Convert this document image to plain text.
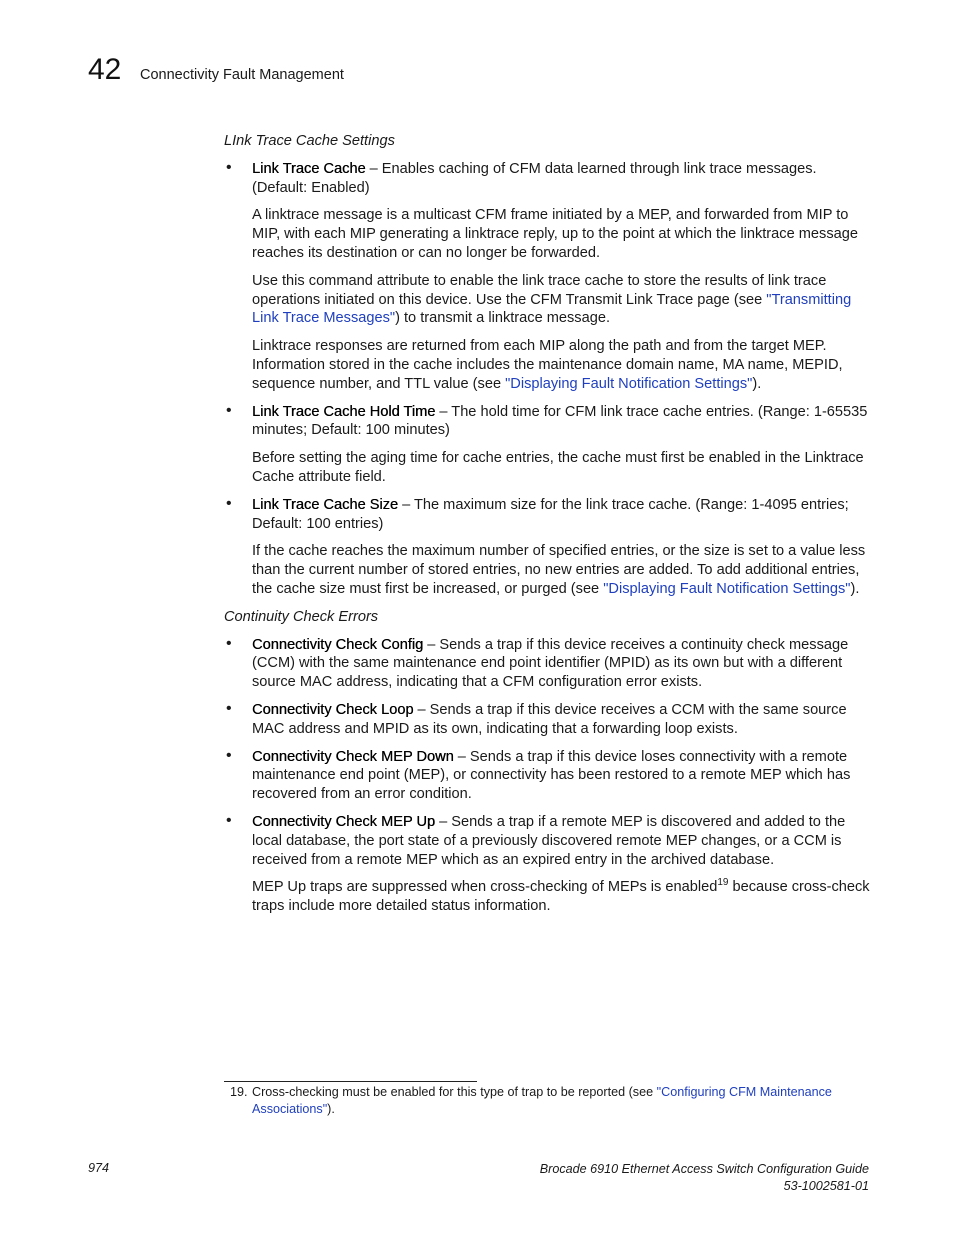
42 Connectivity Fault Management
LInk Trace Cache Settings
• Link Trace Cache – Enables caching of CFM data learned through link trace messages. (Default: Enabled)
A linktrace message is a multicast CFM frame initiated by a MEP, and forwarded from MIP to MIP, with each MIP generating a linktrace reply, up to the point at which the linktrace message reaches its destination or can no longer be forwarded.
Use this command attribute to enable the link trace cache to store the results of link trace operations initiated on this device. Use the CFM Transmit Link Trace page (see "Transmitting Link Trace Messages") to transmit a linktrace message.
Linktrace responses are returned from each MIP along the path and from the target MEP. Information stored in the cache includes the maintenance domain name, MA name, MEPID, sequence number, and TTL value (see "Displaying Fault Notification Settings").
• Link Trace Cache Hold Time – The hold time for CFM link trace cache entries. (Range: 1-65535 minutes; Default: 100 minutes)
Before setting the aging time for cache entries, the cache must first be enabled in the Linktrace Cache attribute field.
• Link Trace Cache Size – The maximum size for the link trace cache. (Range: 1-4095 entries; Default: 100 entries)
If the cache reaches the maximum number of specified entries, or the size is set to a value less than the current number of stored entries, no new entries are added. To add additional entries, the cache size must first be increased, or purged (see "Displaying Fault Notification Settings").
Continuity Check Errors
• Connectivity Check Config – Sends a trap if this device receives a continuity check message (CCM) with the same maintenance end point identifier (MPID) as its own but with a different source MAC address, indicating that a CFM configuration error exists.
• Connectivity Check Loop – Sends a trap if this device receives a CCM with the same source MAC address and MPID as its own, indicating that a forwarding loop exists.
• Connectivity Check MEP Down – Sends a trap if this device loses connectivity with a remote maintenance end point (MEP), or connectivity has been restored to a remote MEP which has recovered from an error condition.
• Connectivity Check MEP Up – Sends a trap if a remote MEP is discovered and added to the local database, the port state of a previously discovered remote MEP changes, or a CCM is received from a remote MEP which as an expired entry in the archived database.
MEP Up traps are suppressed when cross-checking of MEPs is enabled$^{19}$ because cross-check traps include more detailed status information.
19. Cross-checking must be enabled for this type of trap to be reported (see "Configuring CFM Maintenance Associations").
974	Brocade 6910 Ethernet Access Switch Configuration Guide
53-1002581-01
